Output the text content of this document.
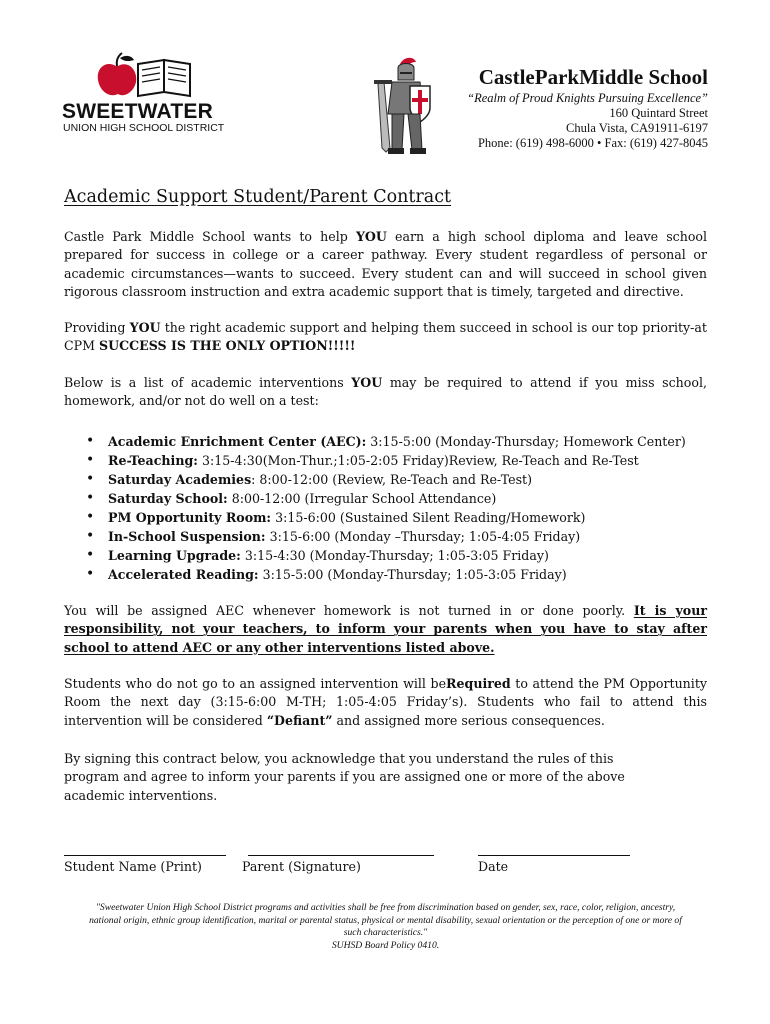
SWEETWATER
UNION HIGH SCHOOL DISTRICT
CastleParkMiddle School
“Realm of Proud Knights Pursuing Excellence”
160 Quintard Street
Chula Vista, CA91911-6197
Phone: (619) 498-6000 • Fax: (619) 427-8045
Academic Support Student/Parent Contract

Castle Park Middle School wants to help YOU earn a high school diploma and leave school prepared for success in college or a career pathway. Every student regardless of personal or academic circumstances—wants to succeed. Every student can and will succeed in school given rigorous classroom instruction and extra academic support that is timely, targeted and directive.

Providing YOU the right academic support and helping them succeed in school is our top priority-at CPM SUCCESS IS THE ONLY OPTION!!!!!

Below is a list of academic interventions YOU may be required to attend if you miss school, homework, and/or not do well on a test:

• Academic Enrichment Center (AEC): 3:15-5:00 (Monday-Thursday; Homework Center)
• Re-Teaching: 3:15-4:30(Mon-Thur.;1:05-2:05 Friday)Review, Re-Teach and Re-Test
• Saturday Academies: 8:00-12:00 (Review, Re-Teach and Re-Test)
• Saturday School: 8:00-12:00 (Irregular School Attendance)
• PM Opportunity Room: 3:15-6:00 (Sustained Silent Reading/Homework)
• In-School Suspension: 3:15-6:00 (Monday –Thursday; 1:05-4:05 Friday)
• Learning Upgrade: 3:15-4:30 (Monday-Thursday; 1:05-3:05 Friday)
• Accelerated Reading: 3:15-5:00 (Monday-Thursday; 1:05-3:05 Friday)

You will be assigned AEC whenever homework is not turned in or done poorly. It is your responsibility, not your teachers, to inform your parents when you have to stay after school to attend AEC or any other interventions listed above.

Students who do not go to an assigned intervention will beRequired to attend the PM Opportunity Room the next day (3:15-6:00 M-TH; 1:05-4:05 Friday’s). Students who fail to attend this intervention will be considered “Defiant” and assigned more serious consequences.

By signing this contract below, you acknowledge that you understand the rules of this
program and agree to inform your parents if you are assigned one or more of the above
academic interventions.
Student Name (Print)	Parent (Signature)	Date
"Sweetwater Union High School District programs and activities shall be free from discrimination based on gender, sex, race, color, religion, ancestry,
national origin, ethnic group identification, marital or parental status, physical or mental disability, sexual orientation or the perception of one or more of
such characteristics."
SUHSD Board Policy 0410.
